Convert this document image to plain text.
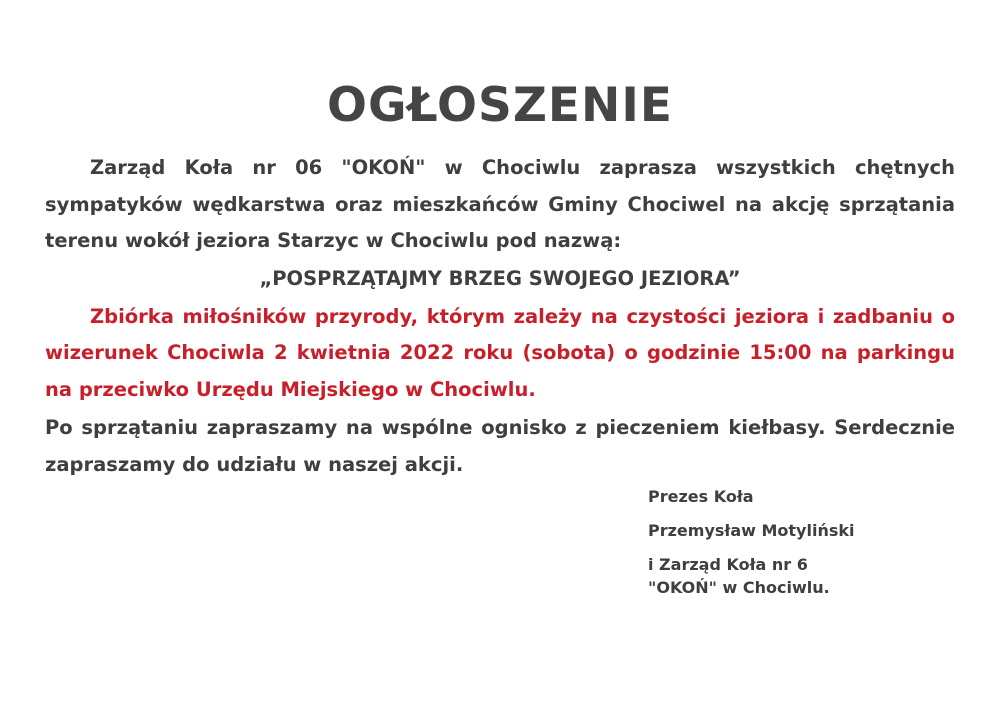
OGŁOSZENIE

Zarząd Koła nr 06 "OKOŃ" w Chociwlu zaprasza wszystkich chętnych sympatyków wędkarstwa oraz mieszkańców Gminy Chociwel na akcję sprzątania terenu wokół jeziora Starzyc w Chociwlu pod nazwą:

„POSPRZĄTAJMY BRZEG SWOJEGO JEZIORA”

Zbiórka miłośników przyrody, którym zależy na czystości jeziora i zadbaniu o wizerunek Chociwla 2 kwietnia 2022 roku (sobota) o godzinie 15:00 na parkingu na przeciwko Urzędu Miejskiego w Chociwlu.

Po sprzątaniu zapraszamy na wspólne ognisko z pieczeniem kiełbasy. Serdecznie zapraszamy do udziału w naszej akcji.

Prezes Koła

Przemysław Motyliński

i Zarząd Koła nr 6

"OKOŃ" w Chociwlu.
